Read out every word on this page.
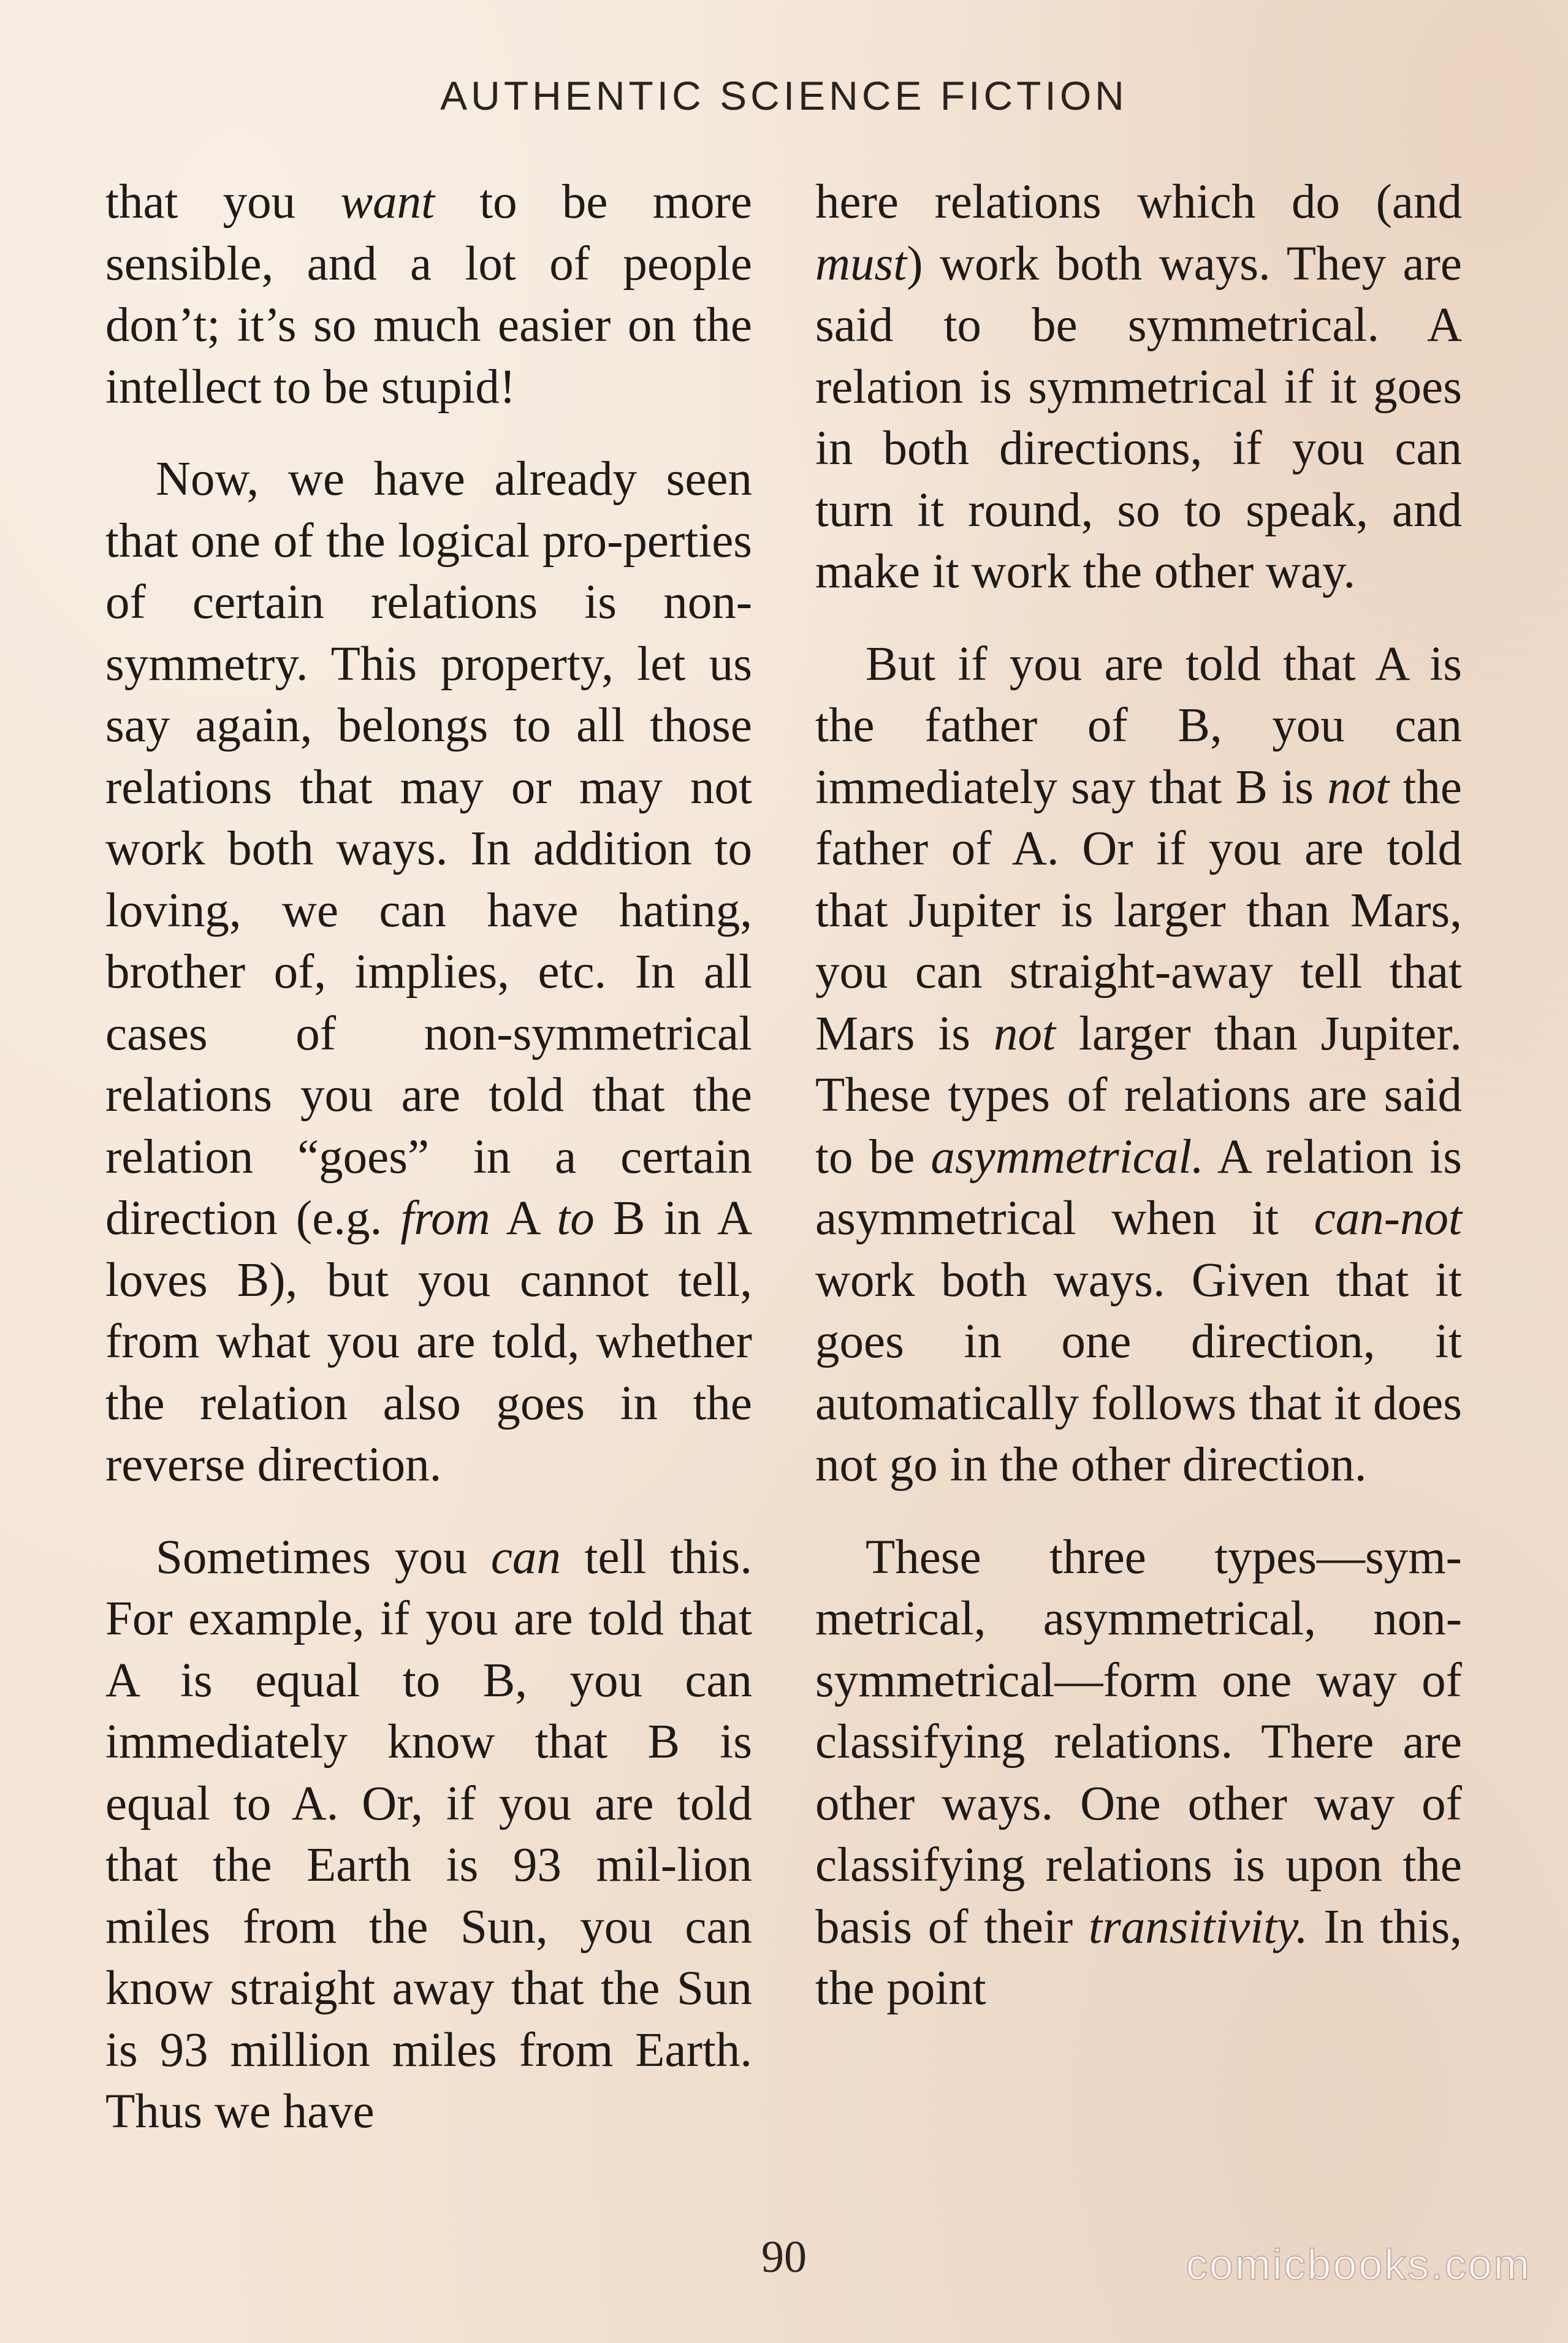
AUTHENTIC SCIENCE FICTION

that you want to be more sensible, and a lot of people don’t; it’s so much easier on the intellect to be stupid!

Now, we have already seen that one of the logical pro-perties of certain relations is non-symmetry. This property, let us say again, belongs to all those relations that may or may not work both ways. In addition to loving, we can have hating, brother of, implies, etc. In all cases of non-symmetrical relations you are told that the relation “goes” in a certain direction (e.g. from A to B in A loves B), but you cannot tell, from what you are told, whether the relation also goes in the reverse direction.

Sometimes you can tell this. For example, if you are told that A is equal to B, you can immediately know that B is equal to A. Or, if you are told that the Earth is 93 mil-lion miles from the Sun, you can know straight away that the Sun is 93 million miles from Earth. Thus we have

here relations which do (and must) work both ways. They are said to be symmetrical. A relation is symmetrical if it goes in both directions, if you can turn it round, so to speak, and make it work the other way.

But if you are told that A is the father of B, you can immediately say that B is not the father of A. Or if you are told that Jupiter is larger than Mars, you can straight-away tell that Mars is not larger than Jupiter. These types of relations are said to be asymmetrical. A relation is asymmetrical when it can-not work both ways. Given that it goes in one direction, it automatically follows that it does not go in the other direction.

These three types—sym-metrical, asymmetrical, non-symmetrical—form one way of classifying relations. There are other ways. One other way of classifying relations is upon the basis of their transitivity. In this, the point

90	comicbooks.com
